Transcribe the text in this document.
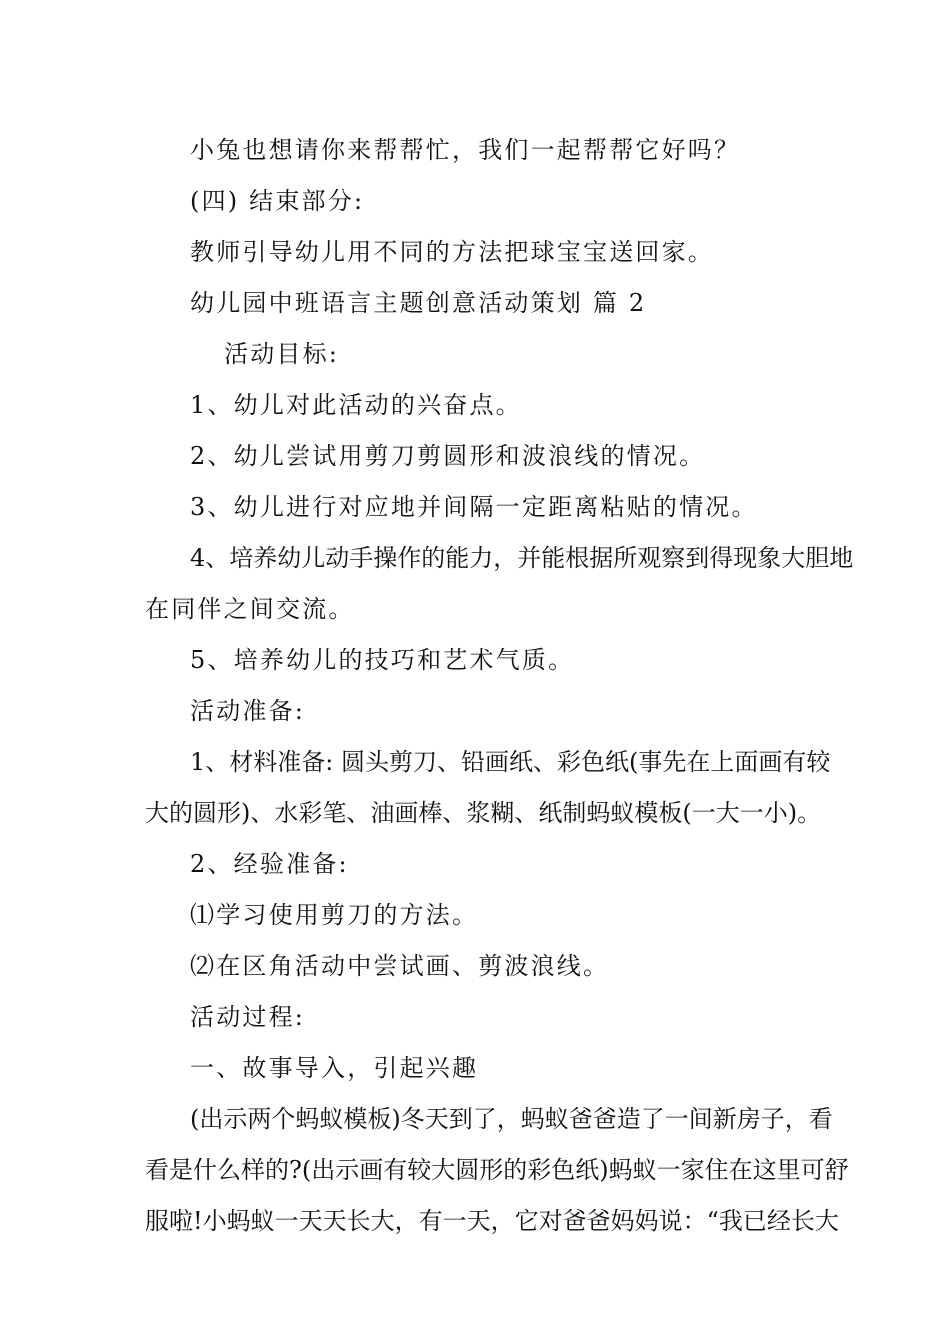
小兔也想请你来帮帮忙，我们一起帮帮它好吗？
(四) 结束部分:
教师引导幼儿用不同的方法把球宝宝送回家。
幼儿园中班语言主题创意活动策划 篇 2
活动目标:
1、幼儿对此活动的兴奋点。
2、幼儿尝试用剪刀剪圆形和波浪线的情况。
3、幼儿进行对应地并间隔一定距离粘贴的情况。
4、培养幼儿动手操作的能力，并能根据所观察到得现象大胆地
在同伴之间交流。
5、培养幼儿的技巧和艺术气质。
活动准备:
1、材料准备: 圆头剪刀、铅画纸、彩色纸(事先在上面画有较
大的圆形)、水彩笔、油画棒、浆糊、纸制蚂蚁模板(一大一小)。
2、经验准备:
⑴学习使用剪刀的方法。
⑵在区角活动中尝试画、剪波浪线。
活动过程:
一、故事导入，引起兴趣
(出示两个蚂蚁模板)冬天到了，蚂蚁爸爸造了一间新房子，看
看是什么样的?(出示画有较大圆形的彩色纸)蚂蚁一家住在这里可舒
服啦!小蚂蚁一天天长大，有一天，它对爸爸妈妈说：“我已经长大
